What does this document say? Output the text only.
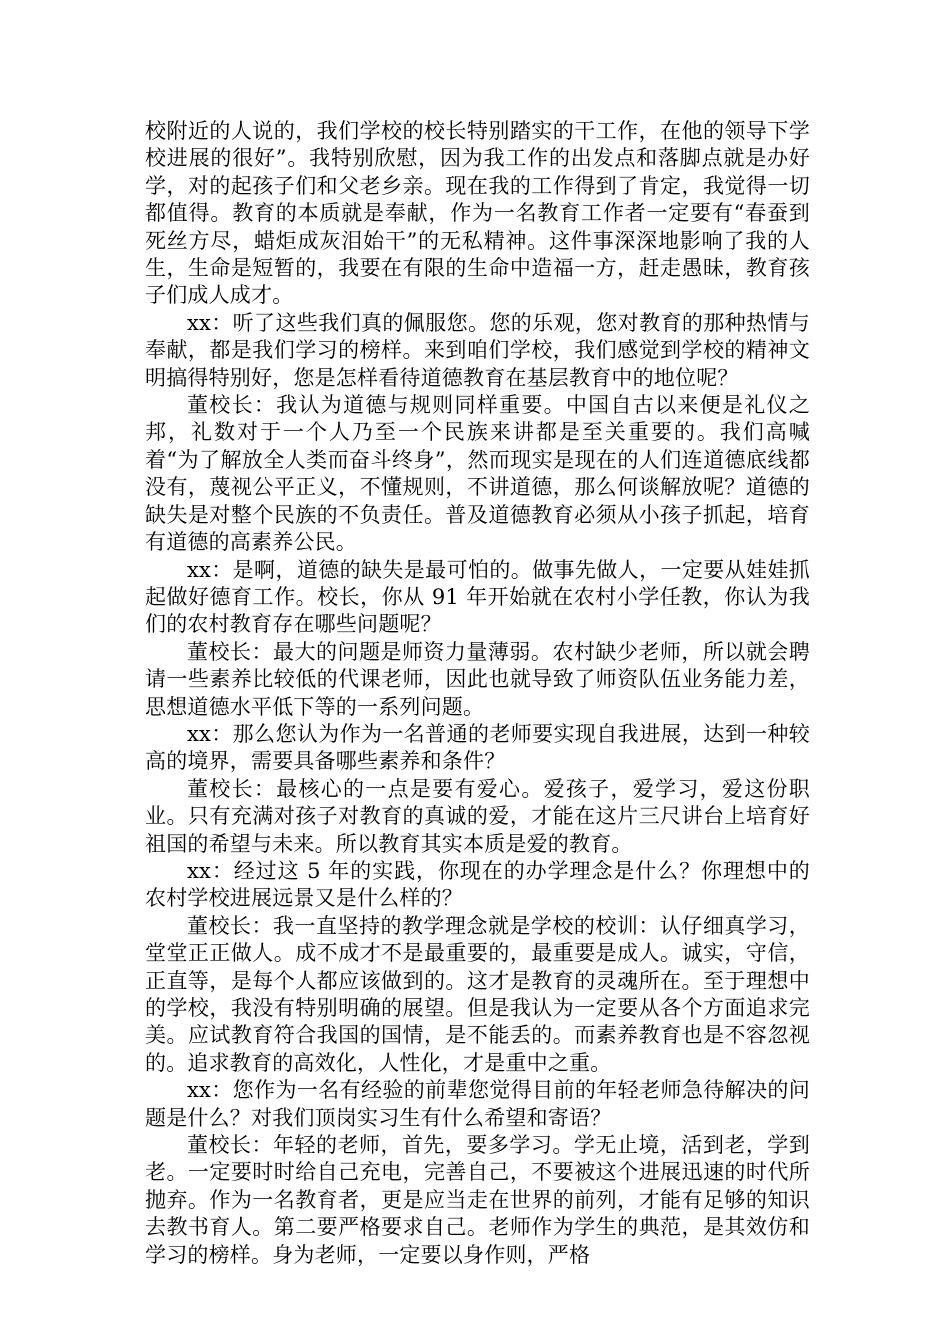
校附近的人说的，我们学校的校长特别踏实的干工作，在他的领导下学校进展的很好”。我特别欣慰，因为我工作的出发点和落脚点就是办好学，对的起孩子们和父老乡亲。现在我的工作得到了肯定，我觉得一切都值得。教育的本质就是奉献，作为一名教育工作者一定要有“春蚕到死丝方尽，蜡炬成灰泪始干”的无私精神。这件事深深地影响了我的人生，生命是短暂的，我要在有限的生命中造福一方，赶走愚昧，教育孩子们成人成才。

xx：听了这些我们真的佩服您。您的乐观，您对教育的那种热情与奉献，都是我们学习的榜样。来到咱们学校，我们感觉到学校的精神文明搞得特别好，您是怎样看待道德教育在基层教育中的地位呢？

董校长：我认为道德与规则同样重要。中国自古以来便是礼仪之邦，礼数对于一个人乃至一个民族来讲都是至关重要的。我们高喊着“为了解放全人类而奋斗终身”，然而现实是现在的人们连道德底线都没有，蔑视公平正义，不懂规则，不讲道德，那么何谈解放呢？道德的缺失是对整个民族的不负责任。普及道德教育必须从小孩子抓起，培育有道德的高素养公民。

xx：是啊，道德的缺失是最可怕的。做事先做人，一定要从娃娃抓起做好德育工作。校长，你从 91 年开始就在农村小学任教，你认为我们的农村教育存在哪些问题呢？

董校长：最大的问题是师资力量薄弱。农村缺少老师，所以就会聘请一些素养比较低的代课老师，因此也就导致了师资队伍业务能力差，思想道德水平低下等的一系列问题。

xx：那么您认为作为一名普通的老师要实现自我进展，达到一种较高的境界，需要具备哪些素养和条件？

董校长：最核心的一点是要有爱心。爱孩子，爱学习，爱这份职业。只有充满对孩子对教育的真诚的爱，才能在这片三尺讲台上培育好祖国的希望与未来。所以教育其实本质是爱的教育。

xx：经过这 5 年的实践，你现在的办学理念是什么？你理想中的农村学校进展远景又是什么样的？

董校长：我一直坚持的教学理念就是学校的校训：认仔细真学习，堂堂正正做人。成不成才不是最重要的，最重要是成人。诚实，守信，正直等，是每个人都应该做到的。这才是教育的灵魂所在。至于理想中的学校，我没有特别明确的展望。但是我认为一定要从各个方面追求完美。应试教育符合我国的国情，是不能丢的。而素养教育也是不容忽视的。追求教育的高效化，人性化，才是重中之重。

xx：您作为一名有经验的前辈您觉得目前的年轻老师急待解决的问题是什么？对我们顶岗实习生有什么希望和寄语？

董校长：年轻的老师，首先，要多学习。学无止境，活到老，学到老。一定要时时给自己充电，完善自己，不要被这个进展迅速的时代所抛弃。作为一名教育者，更是应当走在世界的前列，才能有足够的知识去教书育人。第二要严格要求自己。老师作为学生的典范，是其效仿和学习的榜样。身为老师，一定要以身作则，严格
